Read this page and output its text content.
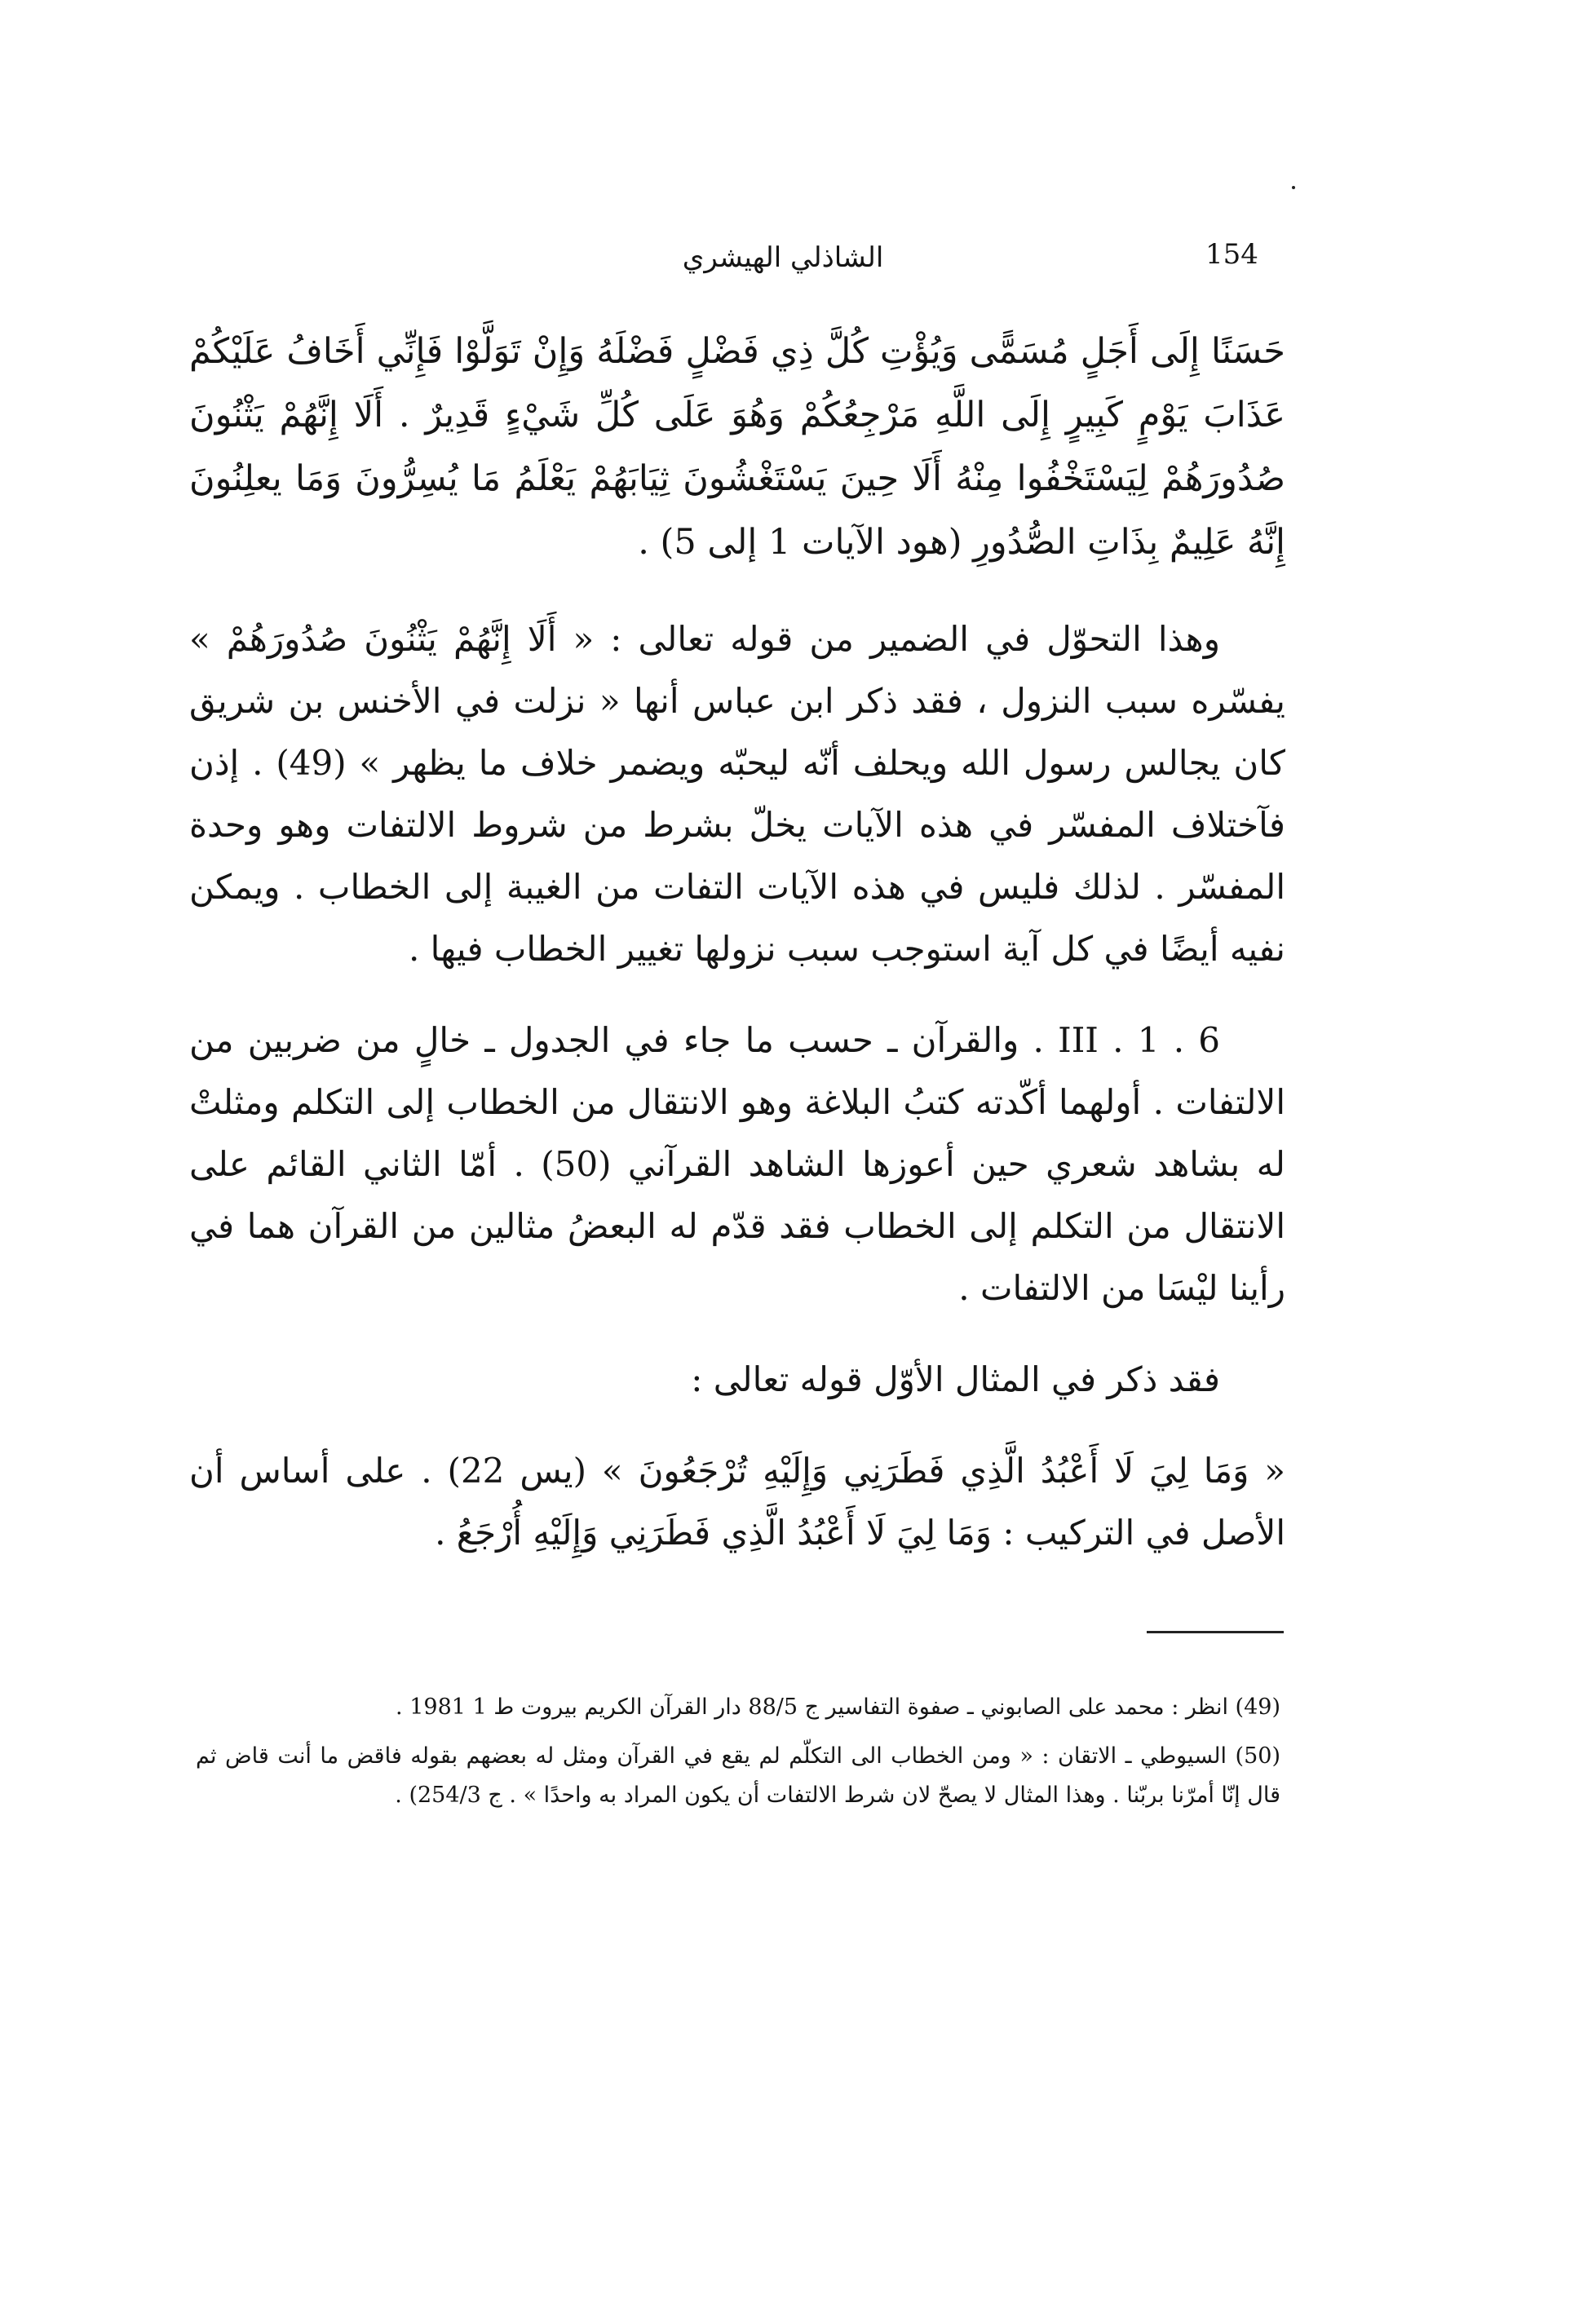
154
الشاذلي الهيشري

حَسَنًا إِلَى أَجَلٍ مُسَمًّى وَيُؤْتِ كُلَّ ذِي فَضْلٍ فَضْلَهُ وَإِنْ تَوَلَّوْا فَإِنِّي أَخَافُ عَلَيْكُمْ عَذَابَ يَوْمٍ كَبِيرٍ إِلَى اللَّهِ مَرْجِعُكُمْ وَهُوَ عَلَى كُلِّ شَيْءٍ قَدِيرٌ . أَلَا إِنَّهُمْ يَثْنُونَ صُدُورَهُمْ لِيَسْتَخْفُوا مِنْهُ أَلَا حِينَ يَسْتَغْشُونَ ثِيَابَهُمْ يَعْلَمُ مَا يُسِرُّونَ وَمَا يعلِنُونَ إِنَّهُ عَلِيمٌ بِذَاتِ الصُّدُورِ (هود الآيات 1 إلى 5) .

وهذا التحوّل في الضمير من قوله تعالى : « أَلَا إِنَّهُمْ يَثْنُونَ صُدُورَهُمْ » يفسّره سبب النزول ، فقد ذكر ابن عباس أنها « نزلت في الأخنس بن شريق كان يجالس رسول الله ويحلف أنّه ليحبّه ويضمر خلاف ما يظهر » (49) . إذن فآختلاف المفسّر في هذه الآيات يخلّ بشرط من شروط الالتفات وهو وحدة المفسّر . لذلك فليس في هذه الآيات التفات من الغيبة إلى الخطاب . ويمكن نفيه أيضًا في كل آية استوجب سبب نزولها تغيير الخطاب فيها .

III . 1 . 6 . والقرآن ـ حسب ما جاء في الجدول ـ خالٍ من ضربين من الالتفات . أولهما أكّدته كتبُ البلاغة وهو الانتقال من الخطاب إلى التكلم ومثلتْ له بشاهد شعري حين أعوزها الشاهد القرآني (50) . أمّا الثاني القائم على الانتقال من التكلم إلى الخطاب فقد قدّم له البعضُ مثالين من القرآن هما في رأينا ليْسَا من الالتفات .

فقد ذكر في المثال الأوّل قوله تعالى :

« وَمَا لِيَ لَا أَعْبُدُ الَّذِي فَطَرَنِي وَإِلَيْهِ تُرْجَعُونَ » (يس 22) . على أساس أن الأصل في التركيب : وَمَا لِيَ لَا أَعْبُدُ الَّذِي فَطَرَنِي وَإِلَيْهِ أُرْجَعُ .

(49) انظر : محمد على الصابوني ـ صفوة التفاسير ج 88/5 دار القرآن الكريم بيروت ط 1 1981 .

(50) السيوطي ـ الاتقان : « ومن الخطاب الى التكلّم لم يقع في القرآن ومثل له بعضهم بقوله فاقض ما أنت قاض ثم قال إنّا أمرّنا بربّنا . وهذا المثال لا يصحّ لان شرط الالتفات أن يكون المراد به واحدًا » . ج 254/3) .
